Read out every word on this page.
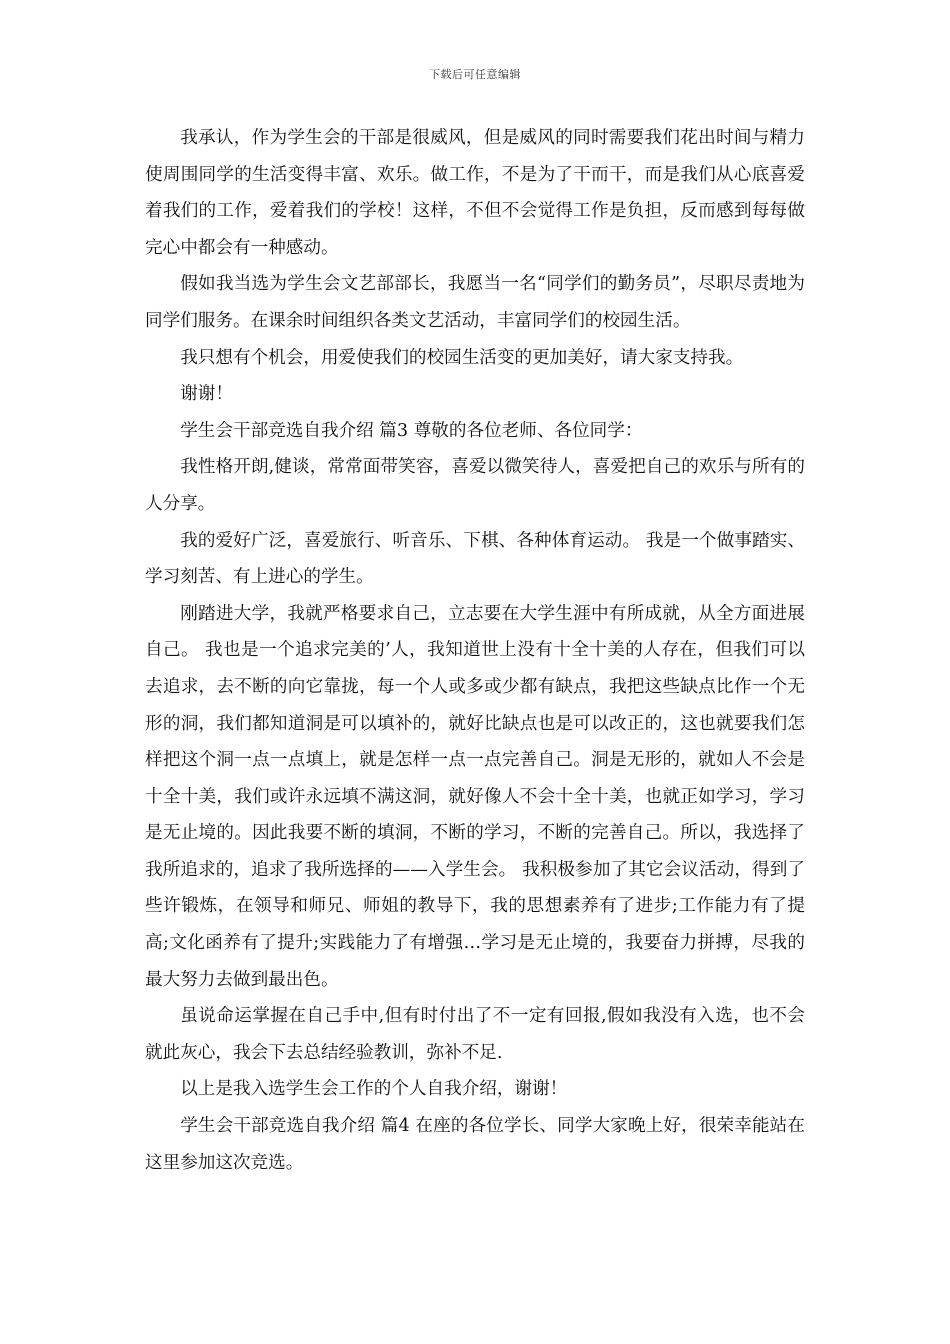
下载后可任意编辑

我承认，作为学生会的干部是很威风，但是威风的同时需要我们花出时间与精力使周围同学的生活变得丰富、欢乐。做工作，不是为了干而干，而是我们从心底喜爱着我们的工作，爱着我们的学校！这样，不但不会觉得工作是负担，反而感到每每做完心中都会有一种感动。

假如我当选为学生会文艺部部长，我愿当一名“同学们的勤务员”，尽职尽责地为同学们服务。在课余时间组织各类文艺活动，丰富同学们的校园生活。

我只想有个机会，用爱使我们的校园生活变的更加美好，请大家支持我。

谢谢！

学生会干部竞选自我介绍 篇3 尊敬的各位老师、各位同学：

我性格开朗,健谈，常常面带笑容，喜爱以微笑待人，喜爱把自己的欢乐与所有的人分享。

我的爱好广泛，喜爱旅行、听音乐、下棋、各种体育运动。 我是一个做事踏实、学习刻苦、有上进心的学生。

刚踏进大学，我就严格要求自己，立志要在大学生涯中有所成就，从全方面进展自己。 我也是一个追求完美的’人，我知道世上没有十全十美的人存在，但我们可以去追求，去不断的向它靠拢，每一个人或多或少都有缺点，我把这些缺点比作一个无形的洞，我们都知道洞是可以填补的，就好比缺点也是可以改正的，这也就要我们怎样把这个洞一点一点填上，就是怎样一点一点完善自己。洞是无形的，就如人不会是十全十美，我们或许永远填不满这洞，就好像人不会十全十美，也就正如学习，学习是无止境的。因此我要不断的填洞，不断的学习，不断的完善自己。所以，我选择了我所追求的，追求了我所选择的——入学生会。 我积极参加了其它会议活动，得到了些许锻炼，在领导和师兄、师姐的教导下，我的思想素养有了进步;工作能力有了提高;文化函养有了提升;实践能力了有增强…学习是无止境的，我要奋力拼搏，尽我的最大努力去做到最出色。

虽说命运掌握在自己手中,但有时付出了不一定有回报,假如我没有入选，也不会就此灰心，我会下去总结经验教训，弥补不足.

以上是我入选学生会工作的个人自我介绍，谢谢！

学生会干部竞选自我介绍 篇4 在座的各位学长、同学大家晚上好，很荣幸能站在这里参加这次竞选。
